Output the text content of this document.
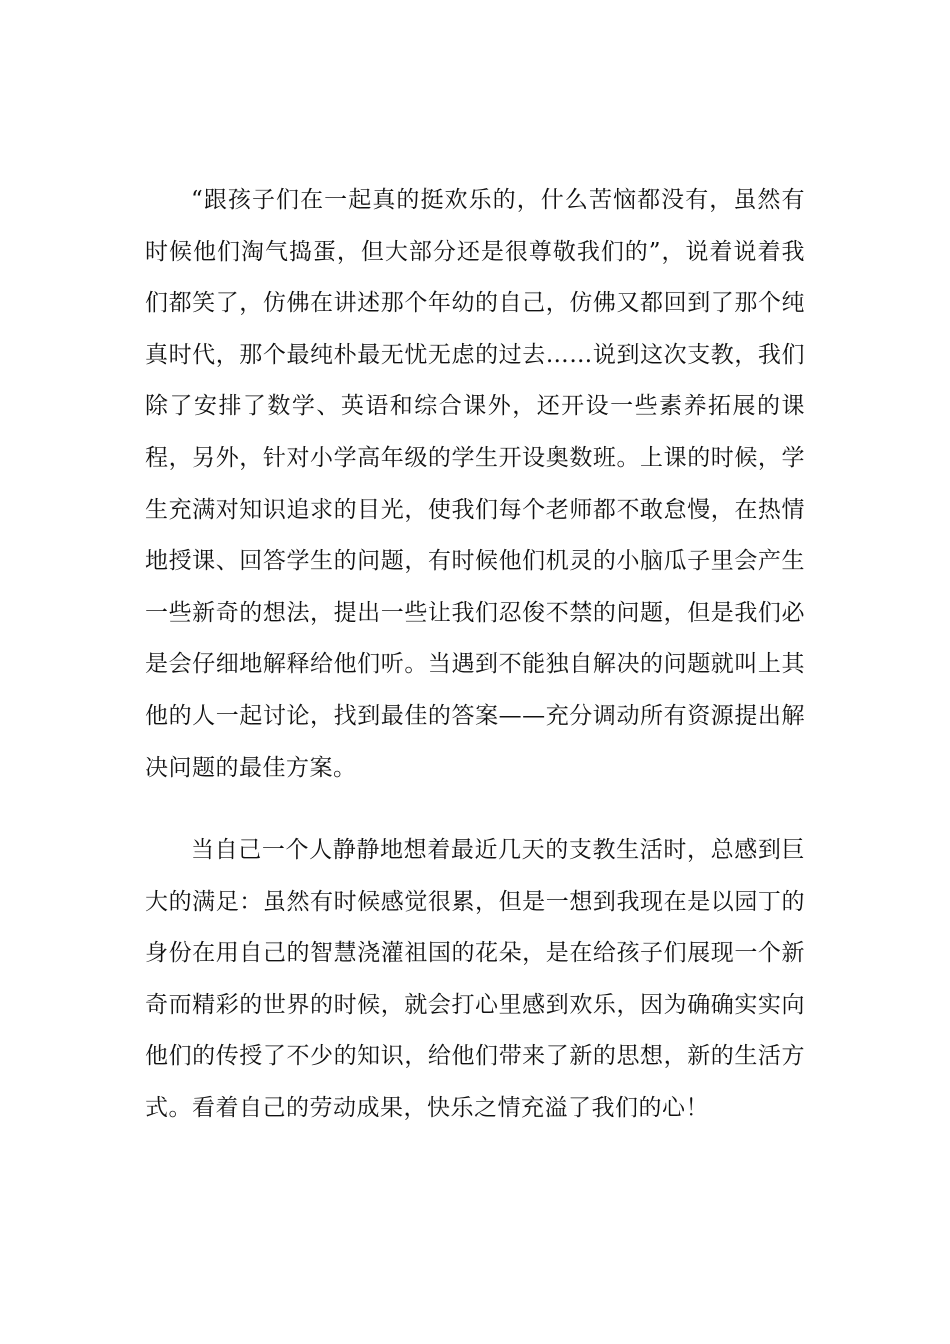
“跟孩子们在一起真的挺欢乐的，什么苦恼都没有，虽然有时候他们淘气捣蛋，但大部分还是很尊敬我们的”，说着说着我们都笑了，仿佛在讲述那个年幼的自己，仿佛又都回到了那个纯真时代，那个最纯朴最无忧无虑的过去……说到这次支教，我们除了安排了数学、英语和综合课外，还开设一些素养拓展的课程，另外，针对小学高年级的学生开设奥数班。上课的时候，学生充满对知识追求的目光，使我们每个老师都不敢怠慢，在热情地授课、回答学生的问题，有时候他们机灵的小脑瓜子里会产生一些新奇的想法，提出一些让我们忍俊不禁的问题，但是我们必是会仔细地解释给他们听。当遇到不能独自解决的问题就叫上其他的人一起讨论，找到最佳的答案——充分调动所有资源提出解决问题的最佳方案。

当自己一个人静静地想着最近几天的支教生活时，总感到巨大的满足：虽然有时候感觉很累，但是一想到我现在是以园丁的身份在用自己的智慧浇灌祖国的花朵，是在给孩子们展现一个新奇而精彩的世界的时候，就会打心里感到欢乐，因为确确实实向他们的传授了不少的知识，给他们带来了新的思想，新的生活方式。看着自己的劳动成果，快乐之情充溢了我们的心！
